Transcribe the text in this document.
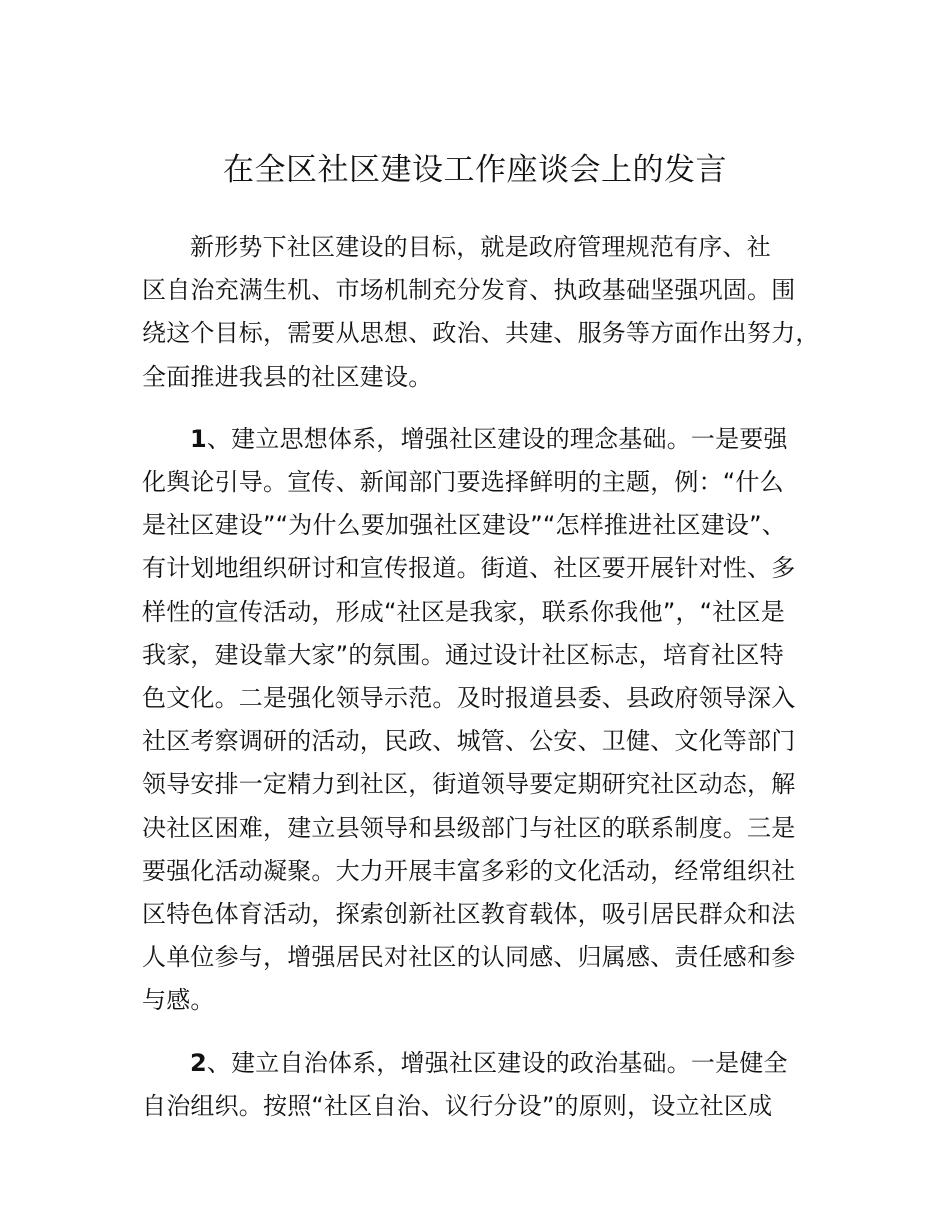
在全区社区建设工作座谈会上的发言

新形势下社区建设的目标，就是政府管理规范有序、社
区自治充满生机、市场机制充分发育、执政基础坚强巩固。围
绕这个目标，需要从思想、政治、共建、服务等方面作出努力，
全面推进我县的社区建设。

1、建立思想体系，增强社区建设的理念基础。一是要强
化舆论引导。宣传、新闻部门要选择鲜明的主题，例：“什么
是社区建设”“为什么要加强社区建设”“怎样推进社区建设”、
有计划地组织研讨和宣传报道。街道、社区要开展针对性、多
样性的宣传活动，形成“社区是我家，联系你我他”，“社区是
我家，建设靠大家”的氛围。通过设计社区标志，培育社区特
色文化。二是强化领导示范。及时报道县委、县政府领导深入
社区考察调研的活动，民政、城管、公安、卫健、文化等部门
领导安排一定精力到社区，街道领导要定期研究社区动态，解
决社区困难，建立县领导和县级部门与社区的联系制度。三是
要强化活动凝聚。大力开展丰富多彩的文化活动，经常组织社
区特色体育活动，探索创新社区教育载体，吸引居民群众和法
人单位参与，增强居民对社区的认同感、归属感、责任感和参
与感。

2、建立自治体系，增强社区建设的政治基础。一是健全
自治组织。按照“社区自治、议行分设”的原则，设立社区成
